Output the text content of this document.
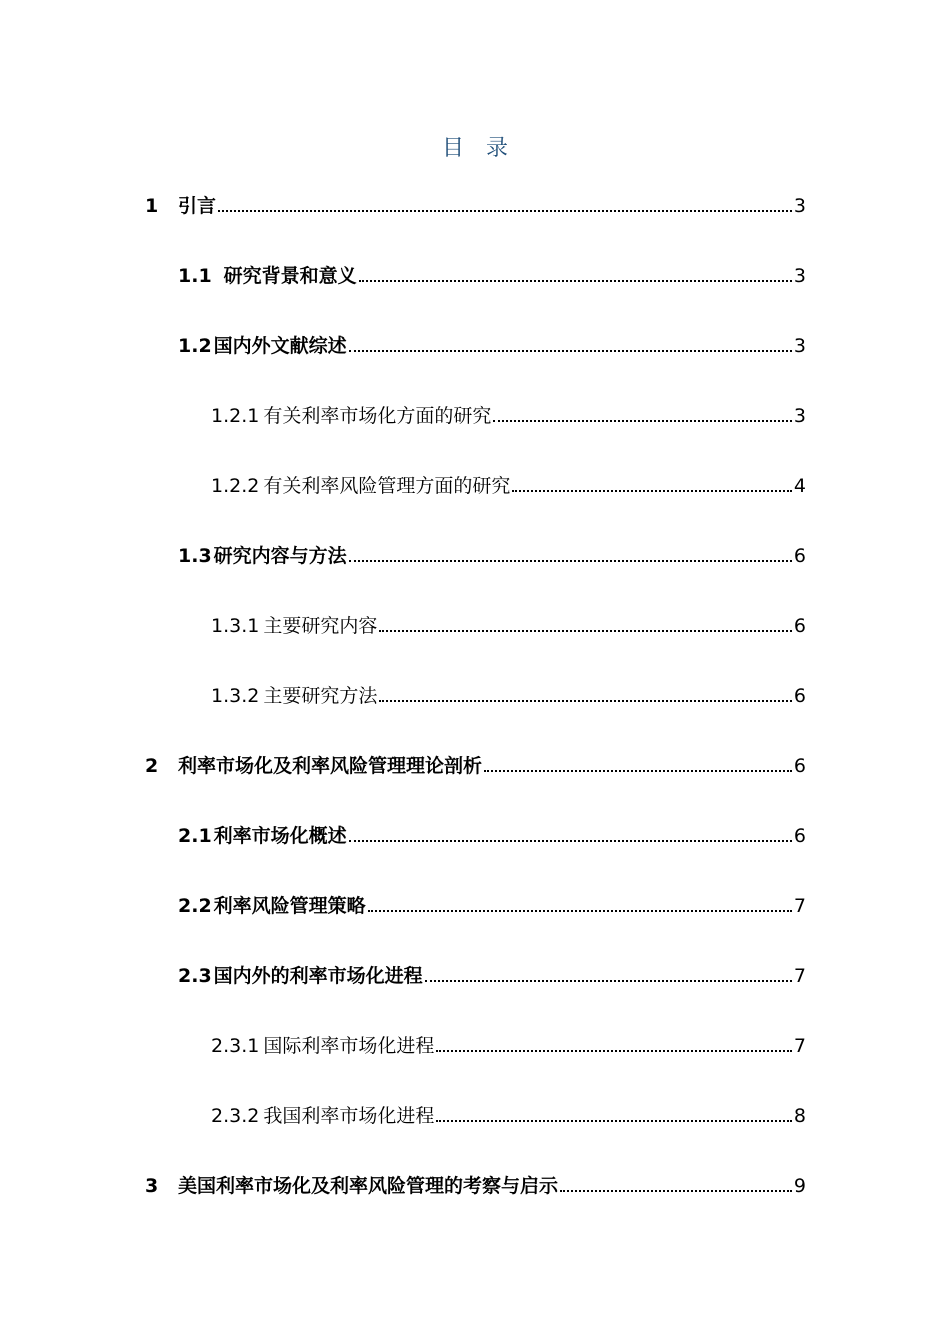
目　录
1	引言	3
1.1 研究背景和意义	3
1.2 国内外文献综述	3
1.2.1 有关利率市场化方面的研究	3
1.2.2 有关利率风险管理方面的研究	4
1.3 研究内容与方法	6
1.3.1 主要研究内容	6
1.3.2 主要研究方法	6
2	利率市场化及利率风险管理理论剖析	6
2.1 利率市场化概述	6
2.2 利率风险管理策略	7
2.3 国内外的利率市场化进程	7
2.3.1 国际利率市场化进程	7
2.3.2 我国利率市场化进程	8
3	美国利率市场化及利率风险管理的考察与启示	9
